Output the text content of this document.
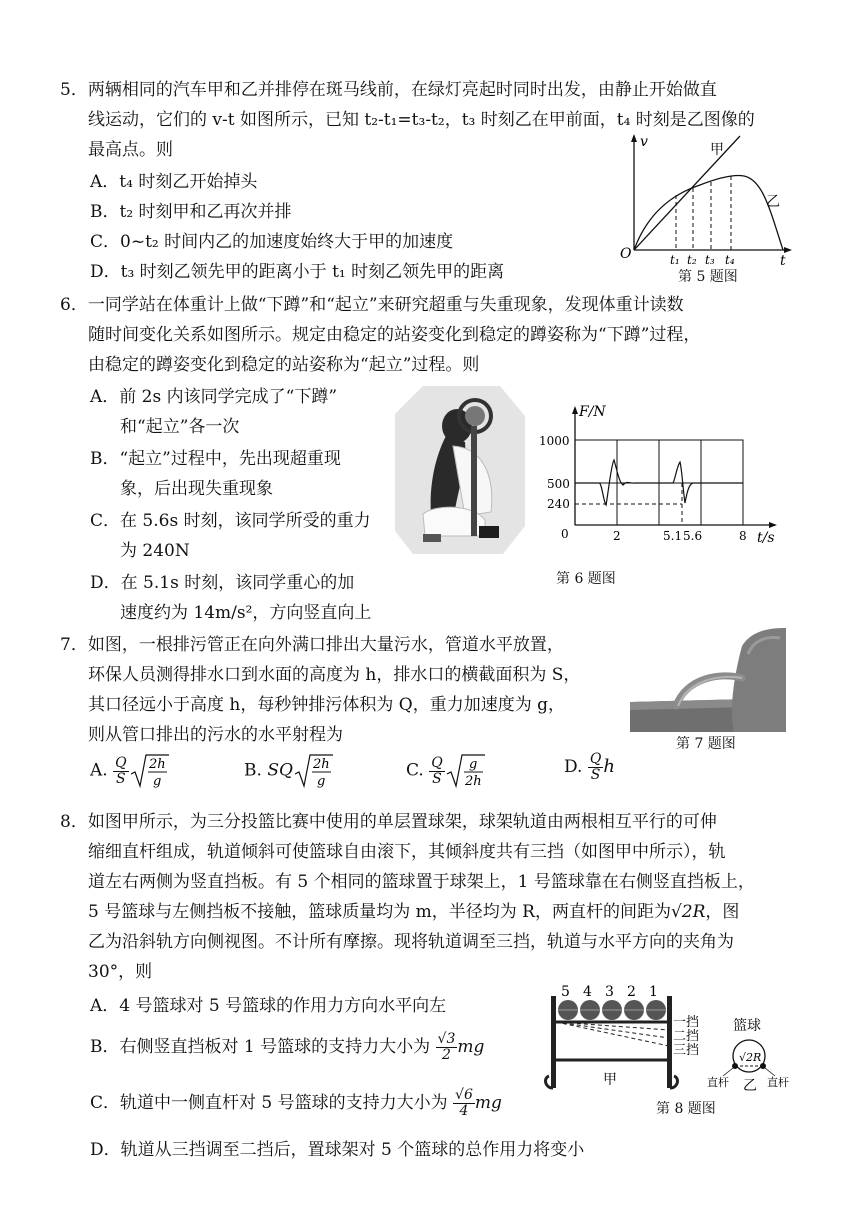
5．两辆相同的汽车甲和乙并排停在斑马线前，在绿灯亮起时同时出发，由静止开始做直
线运动，它们的 v-t 如图所示，已知 t₂-t₁=t₃-t₂，t₃ 时刻乙在甲前面，t₄ 时刻是乙图像的
最高点。则
A．t₄ 时刻乙开始掉头
B．t₂ 时刻甲和乙再次并排
C．0~t₂ 时间内乙的加速度始终大于甲的加速度
D．t₃ 时刻乙领先甲的距离小于 t₁ 时刻乙领先甲的距离
v
O	t
甲
乙
t₁ t₂ t₃ t₄
第 5 题图
6．一同学站在体重计上做“下蹲”和“起立”来研究超重与失重现象，发现体重计读数
随时间变化关系如图所示。规定由稳定的站姿变化到稳定的蹲姿称为“下蹲”过程，
由稳定的蹲姿变化到稳定的站姿称为“起立”过程。则
A．前 2s 内该同学完成了“下蹲”
和“起立”各一次
B．“起立”过程中，先出现超重现
象，后出现失重现象
C．在 5.6s 时刻，该同学所受的重力
为 240N
D．在 5.1s 时刻，该同学重心的加
速度约为 14m/s²，方向竖直向上
F/N
t/s
1000
500
240
0	2	5.1 5.6	8
第 6 题图
7．如图，一根排污管正在向外满口排出大量污水，管道水平放置，
环保人员测得排水口到水面的高度为 h，排水口的横截面积为 S，
其口径远小于高度 h，每秒钟排污体积为 Q，重力加速度为 g，
则从管口排出的污水的水平射程为	第 7 题图
A. $\frac{Q}{S} 2h$
g
B. SQ 2h
g
C. $\frac{Q}{S}$ g
2h
D. $\frac{Q}{S}$ h
8．如图甲所示，为三分投篮比赛中使用的单层置球架，球架轨道由两根相互平行的可伸
缩细直杆组成，轨道倾斜可使篮球自由滚下，其倾斜度共有三挡（如图甲中所示），轨
道左右两侧为竖直挡板。有 5 个相同的篮球置于球架上，1 号篮球靠在右侧竖直挡板上，
5 号篮球与左侧挡板不接触，篮球质量均为 m，半径均为 R，两直杆的间距为√2R，图
乙为沿斜轨方向侧视图。不计所有摩擦。现将轨道调至三挡，轨道与水平方向的夹角为
30°，则
A．4 号篮球对 5 号篮球的作用力方向水平向左
B．右侧竖直挡板对 1 号篮球的支持力大小为 $\frac{√3}{2}$ mg
C．轨道中一侧直杆对 5 号篮球的支持力大小为 $\frac{√6}{4}$ mg
D．轨道从三挡调至二挡后，置球架对 5 个篮球的总作用力将变小
5 4 3 2 1
一挡
二挡
三挡
甲
篮球
√2R
直杆	直杆
乙
第 8 题图
